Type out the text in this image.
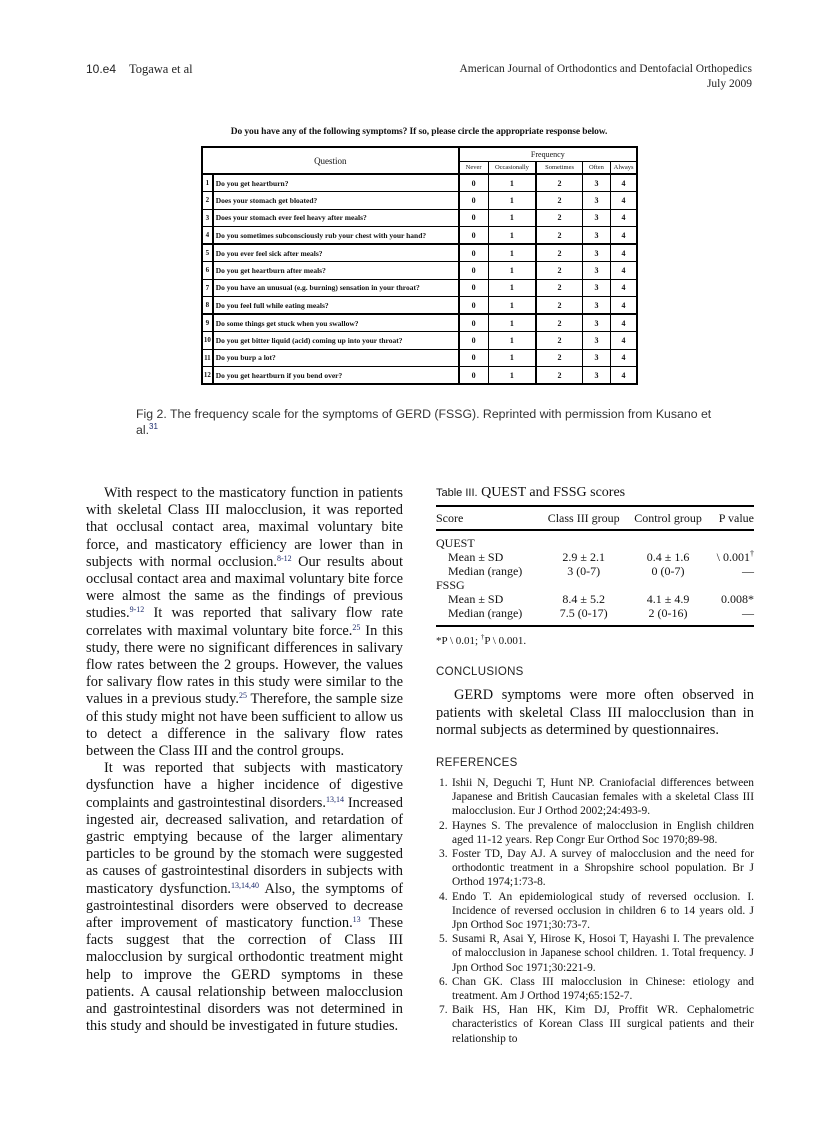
10.e4 Togawa et al	American Journal of Orthodontics and Dentofacial Orthopedics
July 2009
Do you have any of the following symptoms? If so, please circle the appropriate response below.
Question		Frequency				
		Never	Occasionally	Sometimes	Often	Always
1	Do you get heartburn?	0	1	2	3	4
2	Does your stomach get bloated?	0	1	2	3	4
3	Does your stomach ever feel heavy after meals?	0	1	2	3	4
4	Do you sometimes subconsciously rub your chest with your hand?	0	1	2	3	4
5	Do you ever feel sick after meals?	0	1	2	3	4
6	Do you get heartburn after meals?	0	1	2	3	4
7	Do you have an unusual (e.g. burning) sensation in your throat?	0	1	2	3	4
8	Do you feel full while eating meals?	0	1	2	3	4
9	Do some things get stuck when you swallow?	0	1	2	3	4
10	Do you get bitter liquid (acid) coming up into your throat?	0	1	2	3	4
11	Do you burp a lot?	0	1	2	3	4
12	Do you get heartburn if you bend over?	0	1	2	3	4
Fig 2. The frequency scale for the symptoms of GERD (FSSG). Reprinted with permission from Kusano et al.$^{31}$

With respect to the masticatory function in patients with skeletal Class III malocclusion, it was reported that occlusal contact area, maximal voluntary bite force, and masticatory efficiency are lower than in subjects with normal occlusion.$^{8-12}$ Our results about occlusal contact area and maximal voluntary bite force were almost the same as the findings of previous studies.$^{9-12}$ It was reported that salivary flow rate correlates with maximal voluntary bite force.$^{25}$ In this study, there were no significant differences in salivary flow rates between the 2 groups. However, the values for salivary flow rates in this study were similar to the values in a previous study.$^{25}$ Therefore, the sample size of this study might not have been sufficient to allow us to detect a difference in the salivary flow rates between the Class III and the control groups.

It was reported that subjects with masticatory dysfunction have a higher incidence of digestive complaints and gastrointestinal disorders.$^{13,14}$ Increased ingested air, decreased salivation, and retardation of gastric emptying because of the larger alimentary particles to be ground by the stomach were suggested as causes of gastrointestinal disorders in subjects with masticatory dysfunction.$^{13,14,40}$ Also, the symptoms of gastrointestinal disorders were observed to decrease after improvement of masticatory function.$^{13}$ These facts suggest that the correction of Class III malocclusion by surgical orthodontic treatment might help to improve the GERD symptoms in these patients. A causal relationship between malocclusion and gastrointestinal disorders was not determined in this study and should be investigated in future studies.

Table III. QUEST and FSSG scores
Score	Class III group	Control group	P value
QUEST			
Mean ± SD	2.9 ± 2.1	0.4 ± 1.6	\ 0.001†
Median (range)	3 (0-7)	0 (0-7)	—
FSSG			
Mean ± SD	8.4 ± 5.2	4.1 ± 4.9	0.008*
Median (range)	7.5 (0-17)	2 (0-16)	—
*P \ 0.01; †P \ 0.001.
CONCLUSIONS

GERD symptoms were more often observed in patients with skeletal Class III malocclusion than in normal subjects as determined by questionnaires.

REFERENCES
1. Ishii N, Deguchi T, Hunt NP. Craniofacial differences between Japanese and British Caucasian females with a skeletal Class III malocclusion. Eur J Orthod 2002;24:493-9.
2. Haynes S. The prevalence of malocclusion in English children aged 11-12 years. Rep Congr Eur Orthod Soc 1970;89-98.
3. Foster TD, Day AJ. A survey of malocclusion and the need for orthodontic treatment in a Shropshire school population. Br J Orthod 1974;1:73-8.
4. Endo T. An epidemiological study of reversed occlusion. I. Incidence of reversed occlusion in children 6 to 14 years old. J Jpn Orthod Soc 1971;30:73-7.
5. Susami R, Asai Y, Hirose K, Hosoi T, Hayashi I. The prevalence of malocclusion in Japanese school children. 1. Total frequency. J Jpn Orthod Soc 1971;30:221-9.
6. Chan GK. Class III malocclusion in Chinese: etiology and treatment. Am J Orthod 1974;65:152-7.
7. Baik HS, Han HK, Kim DJ, Proffit WR. Cephalometric characteristics of Korean Class III surgical patients and their relationship to
